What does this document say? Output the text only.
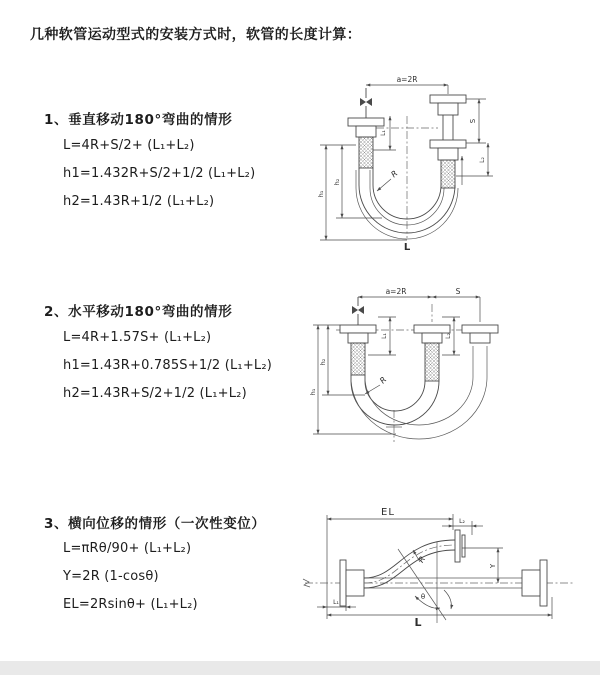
几种软管运动型式的安装方式时，软管的长度计算：
1、垂直移动180°弯曲的情形
L=4R+S/2+ (L₁+L₂)
h1=1.432R+S/2+1/2 (L₁+L₂)
h2=1.43R+1/2 (L₁+L₂)
2、水平移动180°弯曲的情形
L=4R+1.57S+ (L₁+L₂)
h1=1.43R+0.785S+1/2 (L₁+L₂)
h2=1.43R+S/2+1/2 (L₁+L₂)
3、横向位移的情形（一次性变位）
L=πRθ/90+ (L₁+L₂)
Y=2R (1-cosθ)
EL=2Rsinθ+ (L₁+L₂)
a=2R
L₁
S
L₂
h₁
h₂
R
L
a=2R	S
L₁	L₂
h₁
h₂
R
EL
L₂
Y
θ
R
L
L₁
